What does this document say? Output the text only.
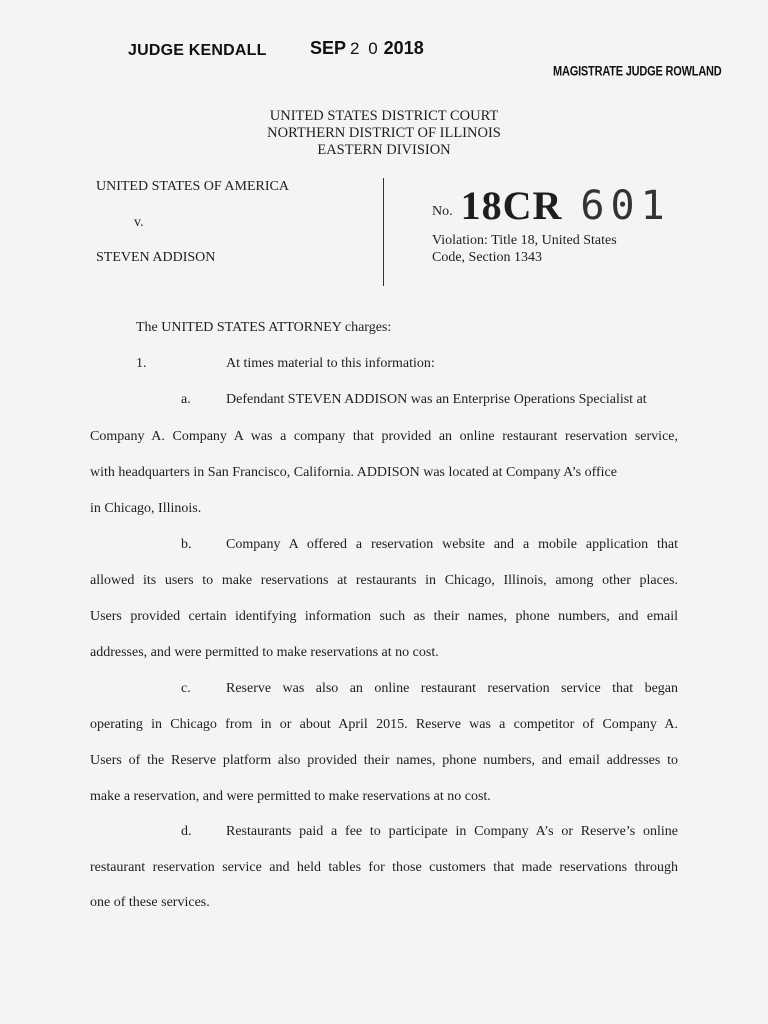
JUDGE KENDALL SEP 2 0 2018
MAGISTRATE JUDGE ROWLAND
UNITED STATES DISTRICT COURT
NORTHERN DISTRICT OF ILLINOIS
EASTERN DIVISION
UNITED STATES OF AMERICA
v.
STEVEN ADDISON
No. 18CR 601
Violation: Title 18, United States
Code, Section 1343
The UNITED STATES ATTORNEY charges:
1.	At times material to this information:
a.	Defendant STEVEN ADDISON was an Enterprise Operations Specialist at
Company A. Company A was a company that provided an online restaurant reservation service,
with headquarters in San Francisco, California. ADDISON was located at Company A’s office
in Chicago, Illinois.
b. Company A offered a reservation website and a mobile application that
allowed its users to make reservations at restaurants in Chicago, Illinois, among other places.
Users provided certain identifying information such as their names, phone numbers, and email
addresses, and were permitted to make reservations at no cost.
c.	Reserve was also an online restaurant reservation service that began
operating in Chicago from in or about April 2015. Reserve was a competitor of Company A.
Users of the Reserve platform also provided their names, phone numbers, and email addresses to
make a reservation, and were permitted to make reservations at no cost.
d. Restaurants paid a fee to participate in Company A’s or Reserve’s online
restaurant reservation service and held tables for those customers that made reservations through
one of these services.
